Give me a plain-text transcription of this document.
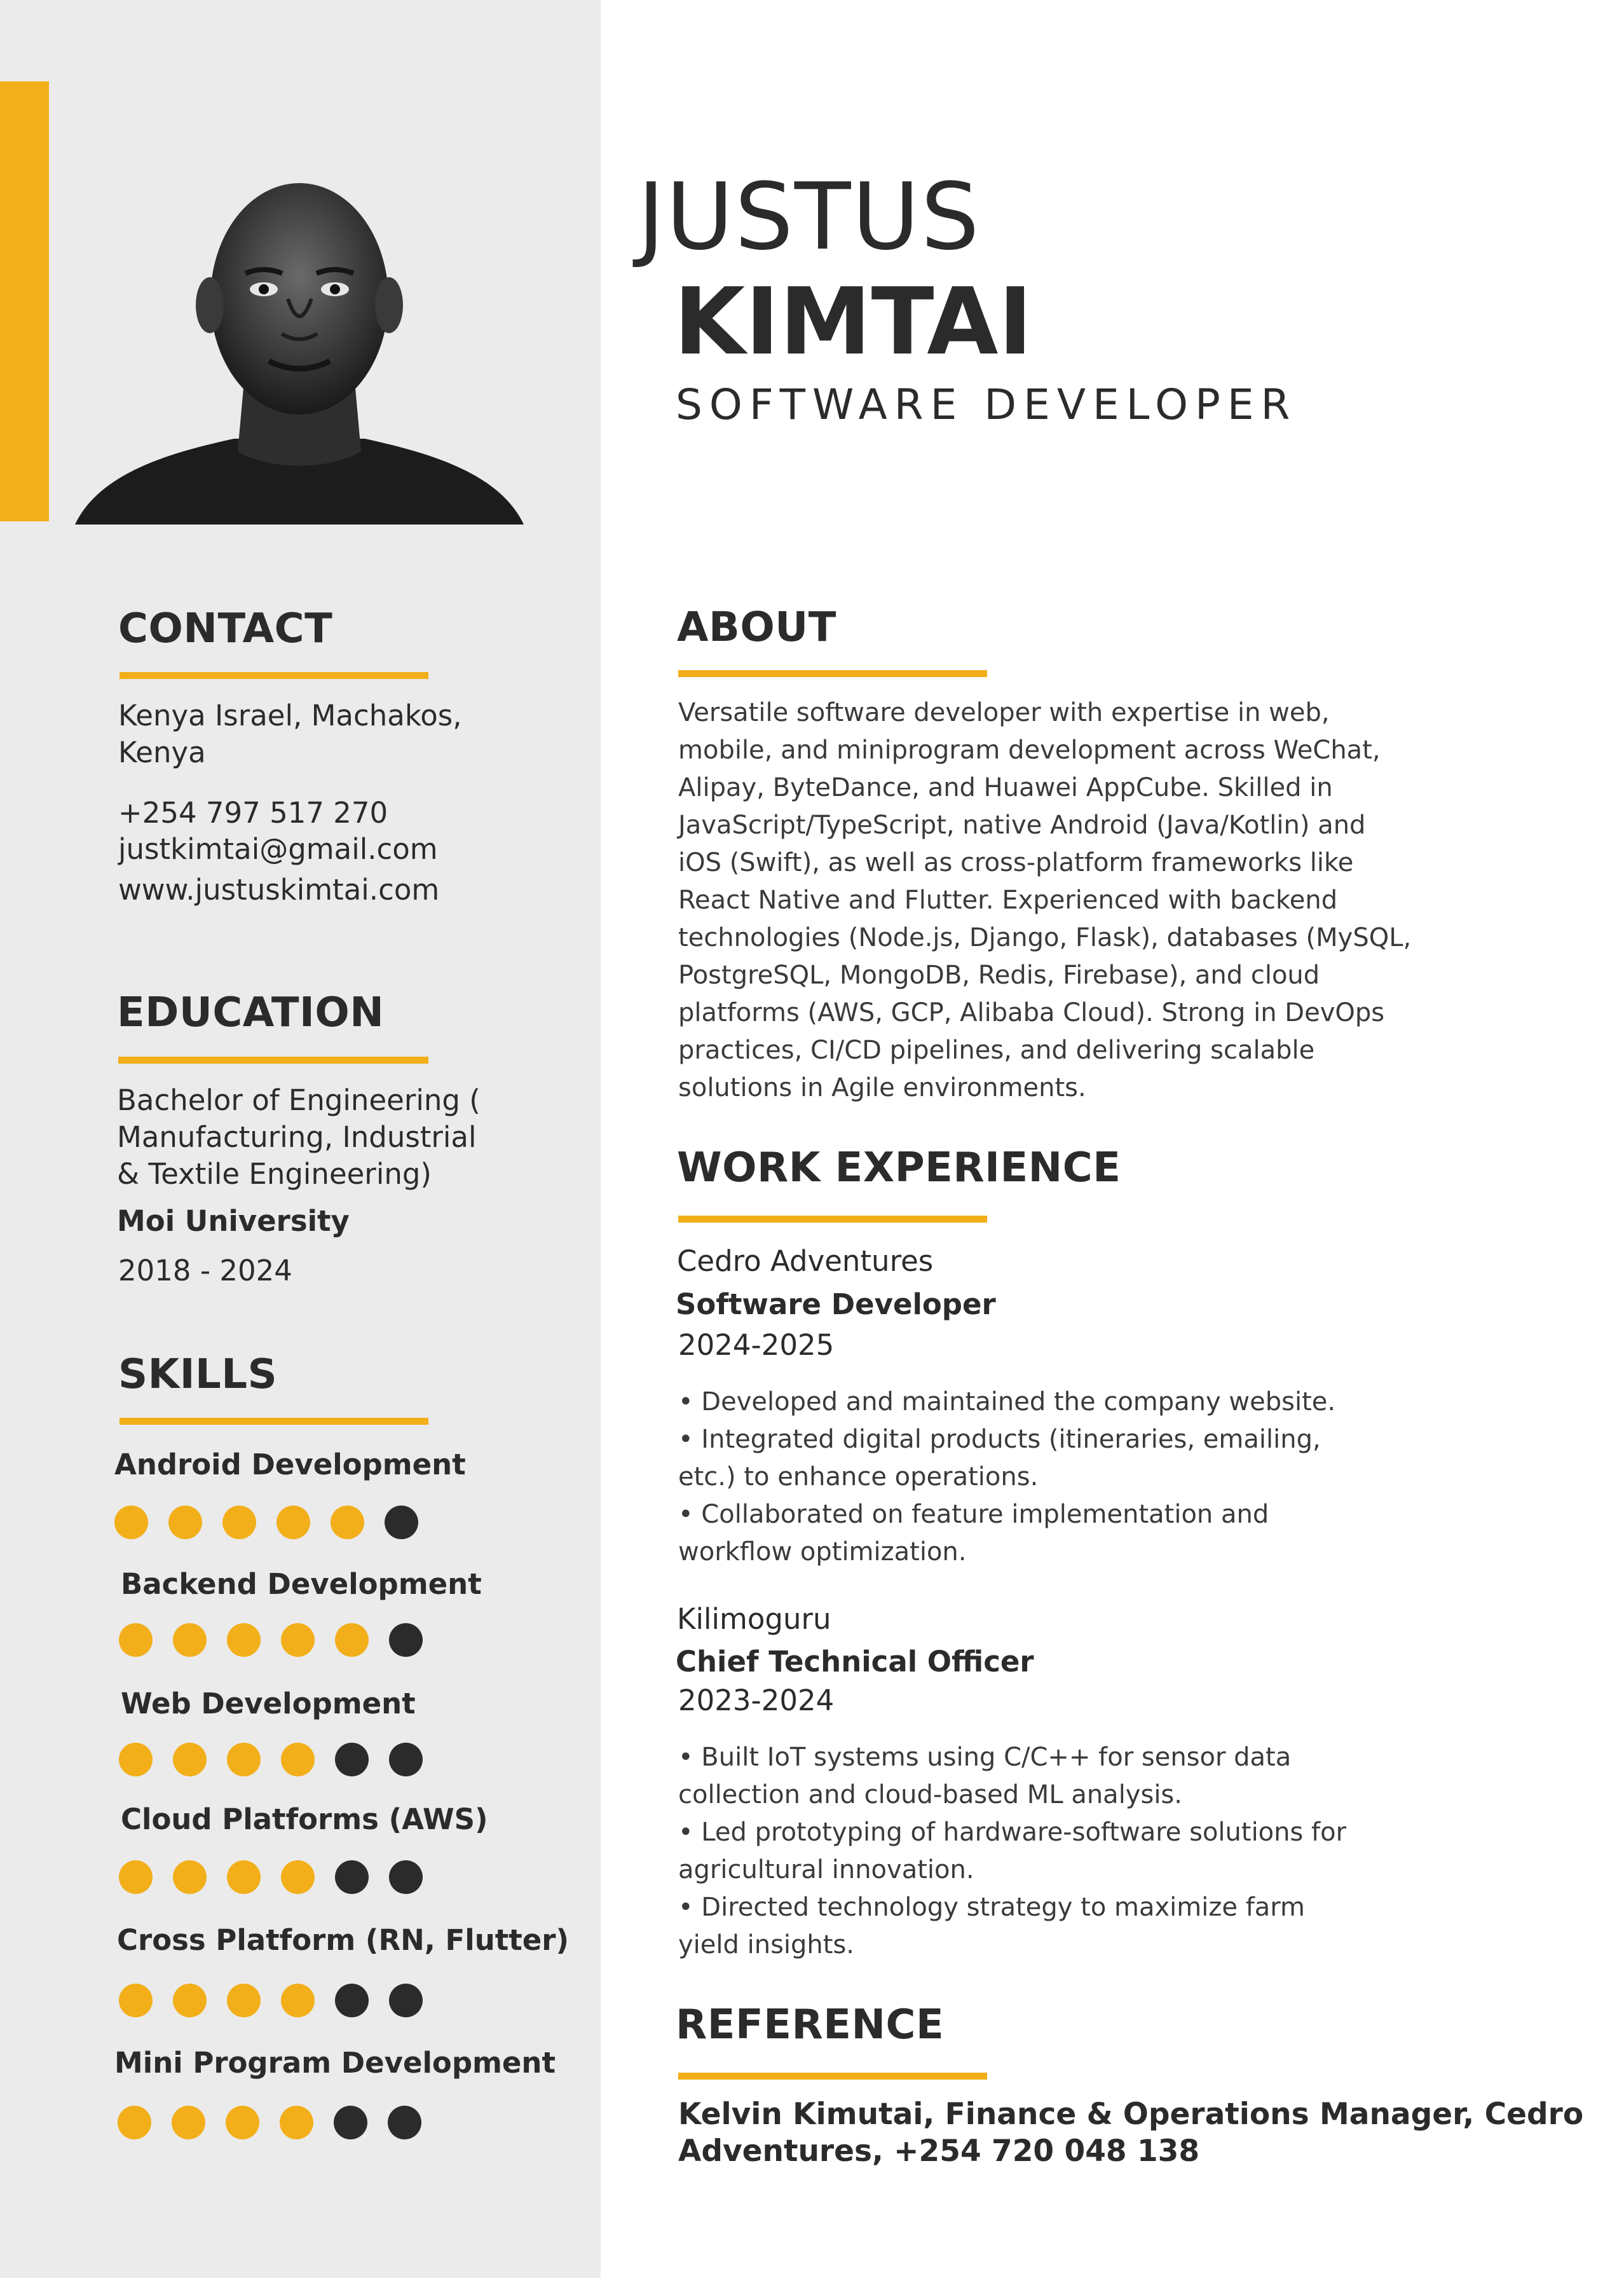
JUSTUS
KIMTAI
SOFTWARE DEVELOPER
CONTACT
Kenya Israel, Machakos,
Kenya
+254 797 517 270
justkimtai@gmail.com
www.justuskimtai.com
EDUCATION
Bachelor of Engineering (
Manufacturing, Industrial
& Textile Engineering)
Moi University
2018 - 2024
SKILLS
Android Development
Backend Development
Web Development
Cloud Platforms (AWS)
Cross Platform (RN, Flutter)
Mini Program Development
ABOUT
Versatile software developer with expertise in web,
mobile, and miniprogram development across WeChat,
Alipay, ByteDance, and Huawei AppCube. Skilled in
JavaScript/TypeScript, native Android (Java/Kotlin) and
iOS (Swift), as well as cross-platform frameworks like
React Native and Flutter. Experienced with backend
technologies (Node.js, Django, Flask), databases (MySQL,
PostgreSQL, MongoDB, Redis, Firebase), and cloud
platforms (AWS, GCP, Alibaba Cloud). Strong in DevOps
practices, CI/CD pipelines, and delivering scalable
solutions in Agile environments.
WORK EXPERIENCE
Cedro Adventures
Software Developer
2024-2025
• Developed and maintained the company website.
• Integrated digital products (itineraries, emailing,
etc.) to enhance operations.
• Collaborated on feature implementation and
workflow optimization.
Kilimoguru
Chief Technical Officer
2023-2024
• Built IoT systems using C/C++ for sensor data
collection and cloud-based ML analysis.
• Led prototyping of hardware-software solutions for
agricultural innovation.
• Directed technology strategy to maximize farm
yield insights.
REFERENCE
Kelvin Kimutai, Finance & Operations Manager, Cedro
Adventures, +254 720 048 138
